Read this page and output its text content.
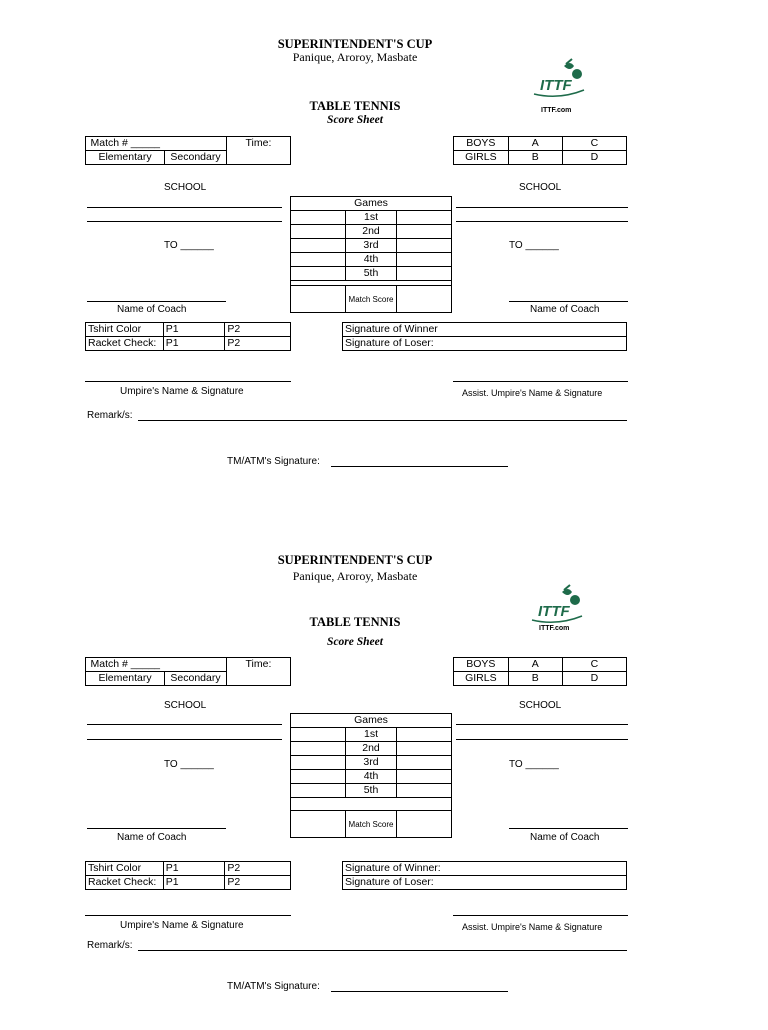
SUPERINTENDENT'S CUP
Panique, Aroroy, Masbate
ITTF
ITTF.com
TABLE TENNIS
Score Sheet
Match # _____		Time:
Elementary	Secondary	
BOYS	A	C
GIRLS	B	D
SCHOOL
TO ______
SCHOOL
TO ______
Games		
	1st	
	2nd	
	3rd	
	4th	
	5th	

	Match Score	
Name of Coach	Name of Coach
Tshirt Color	P1	P2
Racket Check:	P1	P2
Signature of Winner
Signature of Loser:
Umpire's Name & Signature	Assist. Umpire's Name & Signature
Remark/s:
TM/ATM's Signature:
SUPERINTENDENT'S CUP
Panique, Aroroy, Masbate
ITTF
ITTF.com
TABLE TENNIS
Score Sheet
Match # _____		Time:
Elementary	Secondary	
BOYS	A	C
GIRLS	B	D
SCHOOL
TO ______
SCHOOL
TO ______
Games		
	1st	
	2nd	
	3rd	
	4th	
	5th	

	Match Score	
Name of Coach	Name of Coach
Tshirt Color	P1	P2
Racket Check:	P1	P2
Signature of Winner:
Signature of Loser:
Umpire's Name & Signature	Assist. Umpire's Name & Signature
Remark/s:
TM/ATM's Signature:
